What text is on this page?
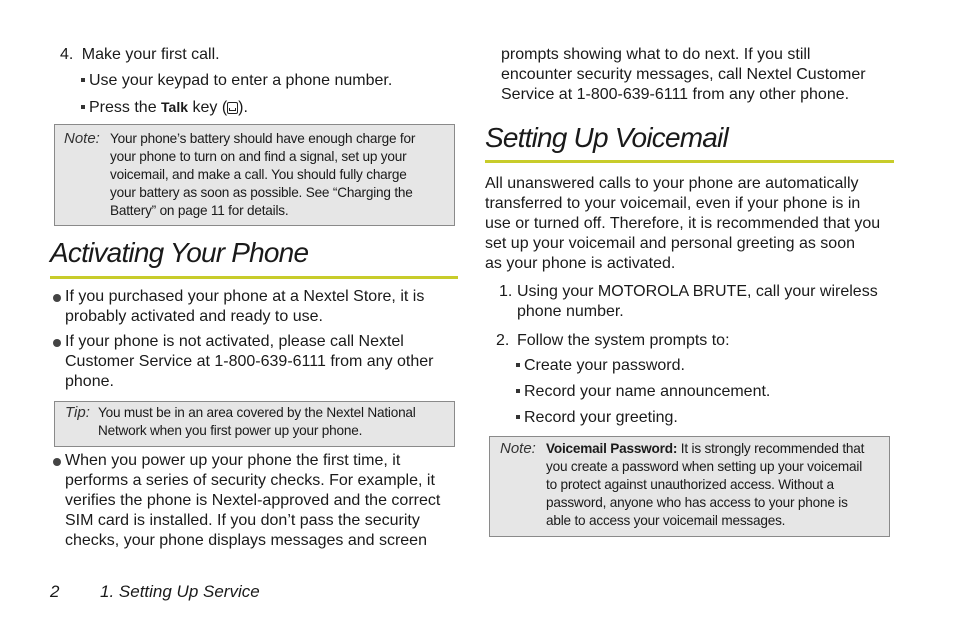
4. Make your first call.
Use your keypad to enter a phone number.
Press the Talk key ( ).
Note: Your phone’s battery should have enough charge for
your phone to turn on and find a signal, set up your
voicemail, and make a call. You should fully charge
your battery as soon as possible. See “Charging the
Battery” on page 11 for details.
Activating Your Phone
If you purchased your phone at a Nextel Store, it is
probably activated and ready to use.
If your phone is not activated, please call Nextel
Customer Service at 1-800-639-6111 from any other
phone.
Tip: You must be in an area covered by the Nextel National
Network when you first power up your phone.
When you power up your phone the first time, it
performs a series of security checks. For example, it
verifies the phone is Nextel-approved and the correct
SIM card is installed. If you don’t pass the security
checks, your phone displays messages and screen
prompts showing what to do next. If you still
encounter security messages, call Nextel Customer
Service at 1-800-639-6111 from any other phone.
Setting Up Voicemail
All unanswered calls to your phone are automatically
transferred to your voicemail, even if your phone is in
use or turned off. Therefore, it is recommended that you
set up your voicemail and personal greeting as soon
as your phone is activated.
1. Using your MOTOROLA BRUTE, call your wireless
phone number.
2. Follow the system prompts to:
Create your password.
Record your name announcement.
Record your greeting.
Note: Voicemail Password: It is strongly recommended that
you create a password when setting up your voicemail
to protect against unauthorized access. Without a
password, anyone who has access to your phone is
able to access your voicemail messages.
2 1. Setting Up Service
